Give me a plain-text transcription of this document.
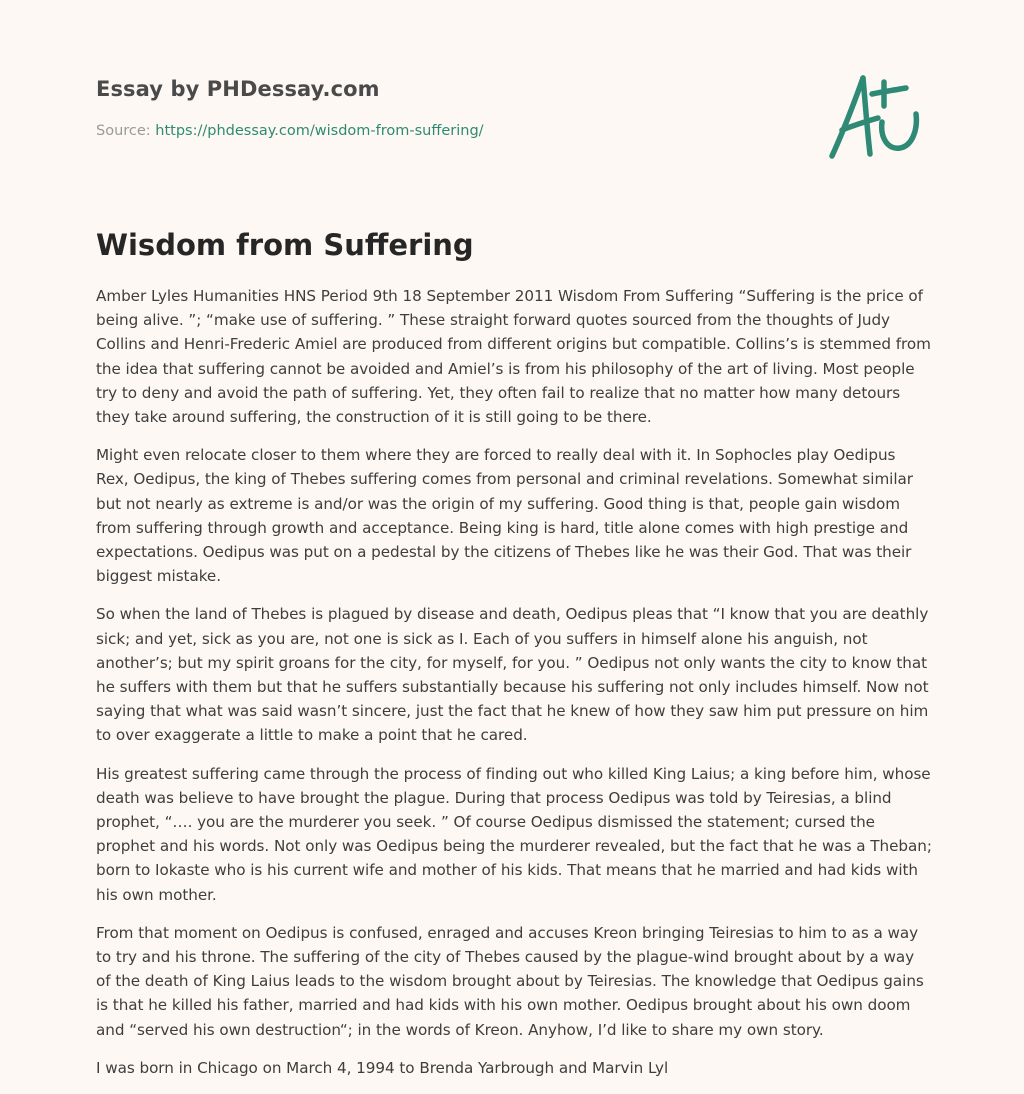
Essay by PHDessay.com
Source: https://phdessay.com/wisdom-from-suffering/
Wisdom from Suffering

Amber Lyles Humanities HNS Period 9th 18 September 2011 Wisdom From Suffering “Suffering is the price of being alive. ”; “make use of suffering. ” These straight forward quotes sourced from the thoughts of Judy Collins and Henri-Frederic Amiel are produced from different origins but compatible. Collins’s is stemmed from the idea that suffering cannot be avoided and Amiel’s is from his philosophy of the art of living. Most people try to deny and avoid the path of suffering. Yet, they often fail to realize that no matter how many detours they take around suffering, the construction of it is still going to be there.

Might even relocate closer to them where they are forced to really deal with it. In Sophocles play Oedipus Rex, Oedipus, the king of Thebes suffering comes from personal and criminal revelations. Somewhat similar but not nearly as extreme is and/or was the origin of my suffering. Good thing is that, people gain wisdom from suffering through growth and acceptance. Being king is hard, title alone comes with high prestige and expectations. Oedipus was put on a pedestal by the citizens of Thebes like he was their God. That was their biggest mistake.

So when the land of Thebes is plagued by disease and death, Oedipus pleas that “I know that you are deathly sick; and yet, sick as you are, not one is sick as I. Each of you suffers in himself alone his anguish, not another’s; but my spirit groans for the city, for myself, for you. ” Oedipus not only wants the city to know that he suffers with them but that he suffers substantially because his suffering not only includes himself. Now not saying that what was said wasn’t sincere, just the fact that he knew of how they saw him put pressure on him to over exaggerate a little to make a point that he cared.

His greatest suffering came through the process of finding out who killed King Laius; a king before him, whose death was believe to have brought the plague. During that process Oedipus was told by Teiresias, a blind prophet, “…. you are the murderer you seek. ” Of course Oedipus dismissed the statement; cursed the prophet and his words. Not only was Oedipus being the murderer revealed, but the fact that he was a Theban; born to Iokaste who is his current wife and mother of his kids. That means that he married and had kids with his own mother.

From that moment on Oedipus is confused, enraged and accuses Kreon bringing Teiresias to him to as a way to try and his throne. The suffering of the city of Thebes caused by the plague-wind brought about by a way of the death of King Laius leads to the wisdom brought about by Teiresias. The knowledge that Oedipus gains is that he killed his father, married and had kids with his own mother. Oedipus brought about his own doom and “served his own destruction“; in the words of Kreon. Anyhow, I’d like to share my own story.

I was born in Chicago on March 4, 1994 to Brenda Yarbrough and Marvin Lyl
